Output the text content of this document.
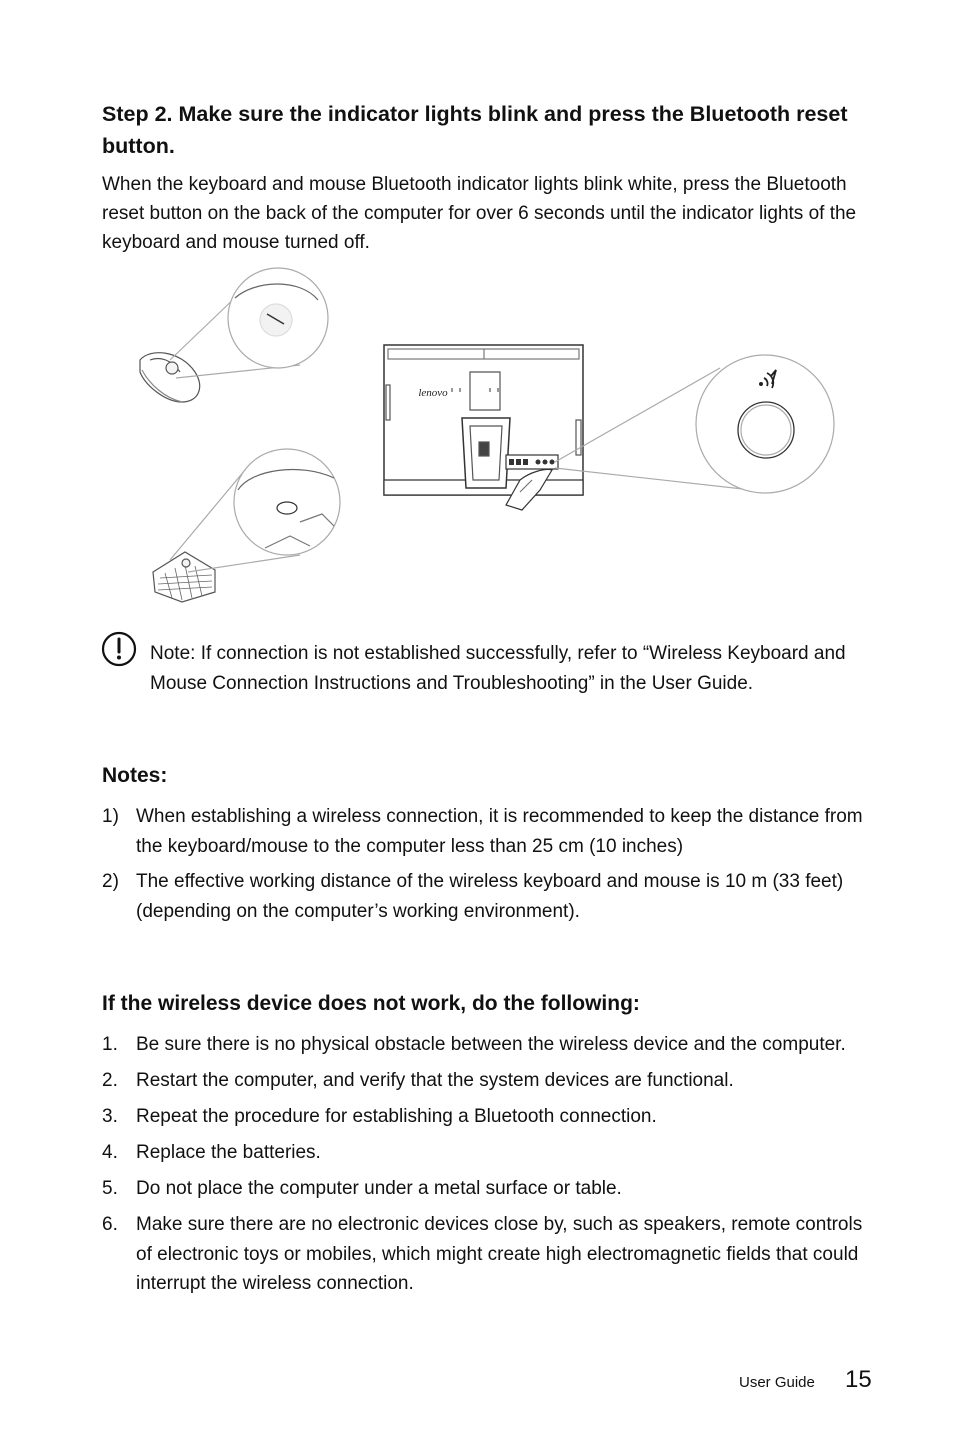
Step 2. Make sure the indicator lights blink and press the Bluetooth reset button.

When the keyboard and mouse Bluetooth indicator lights blink white, press the Bluetooth reset button on the back of the computer for over 6 seconds until the indicator lights of the keyboard and mouse turned off.

lenovo

Note: If connection is not established successfully, refer to “Wireless Keyboard and Mouse Connection Instructions and Troubleshooting” in the User Guide.

Notes:
1) When establishing a wireless connection, it is recommended to keep the distance from the keyboard/mouse to the computer less than 25 cm (10 inches)
2) The effective working distance of the wireless keyboard and mouse is 10 m (33 feet) (depending on the computer’s working environment).
If the wireless device does not work, do the following:
1. Be sure there is no physical obstacle between the wireless device and the computer.
2. Restart the computer, and verify that the system devices are functional.
3. Repeat the procedure for establishing a Bluetooth connection.
4. Replace the batteries.
5. Do not place the computer under a metal surface or table.
6. Make sure there are no electronic devices close by, such as speakers, remote controls of electronic toys or mobiles, which might create high electromagnetic fields that could interrupt the wireless connection.
User Guide 15
